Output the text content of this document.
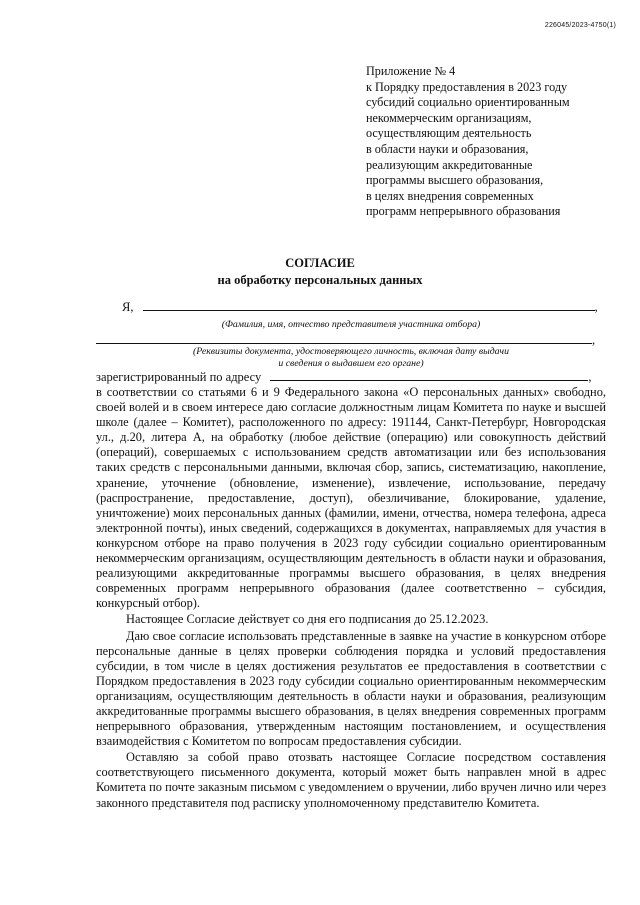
226045/2023-4750(1)
Приложение № 4
к Порядку предоставления в 2023 году
субсидий социально ориентированным
некоммерческим организациям,
осуществляющим деятельность
в области науки и образования,
реализующим аккредитованные
программы высшего образования,
в целях внедрения современных
программ непрерывного образования
СОГЛАСИЕ
на обработку персональных данных
Я,	,
(Фамилия, имя, отчество представителя участника отбора)
,
(Реквизиты документа, удостоверяющего личность, включая дату выдачи
и сведения о выдавшем его органе)
зарегистрированный по адресу	,

в соответствии со статьями 6 и 9 Федерального закона «О персональных данных» свободно, своей волей и в своем интересе даю согласие должностным лицам Комитета по науке и высшей школе (далее – Комитет), расположенного по адресу: 191144, Санкт-Петербург, Новгородская ул., д.20, литера А, на обработку (любое действие (операцию) или совокупность действий (операций), совершаемых с использованием средств автоматизации или без использования таких средств с персональными данными, включая сбор, запись, систематизацию, накопление, хранение, уточнение (обновление, изменение), извлечение, использование, передачу (распространение, предоставление, доступ), обезличивание, блокирование, удаление, уничтожение) моих персональных данных (фамилии, имени, отчества, номера телефона, адреса электронной почты), иных сведений, содержащихся в документах, направляемых для участия в конкурсном отборе на право получения в 2023 году субсидии социально ориентированным некоммерческим организациям, осуществляющим деятельность в области науки и образования, реализующими аккредитованные программы высшего образования, в целях внедрения современных программ непрерывного образования (далее соответственно – субсидия, конкурсный отбор).

Настоящее Согласие действует со дня его подписания до 25.12.2023.

Даю свое согласие использовать представленные в заявке на участие в конкурсном отборе персональные данные в целях проверки соблюдения порядка и условий предоставления субсидии, в том числе в целях достижения результатов ее предоставления в соответствии с Порядком предоставления в 2023 году субсидии социально ориентированным некоммерческим организациям, осуществляющим деятельность в области науки и образования, реализующим аккредитованные программы высшего образования, в целях внедрения современных программ непрерывного образования, утвержденным настоящим постановлением, и осуществления взаимодействия с Комитетом по вопросам предоставления субсидии.

Оставляю за собой право отозвать настоящее Согласие посредством составления соответствующего письменного документа, который может быть направлен мной в адрес Комитета по почте заказным письмом с уведомлением о вручении, либо вручен лично или через законного представителя под расписку уполномоченному представителю Комитета.
